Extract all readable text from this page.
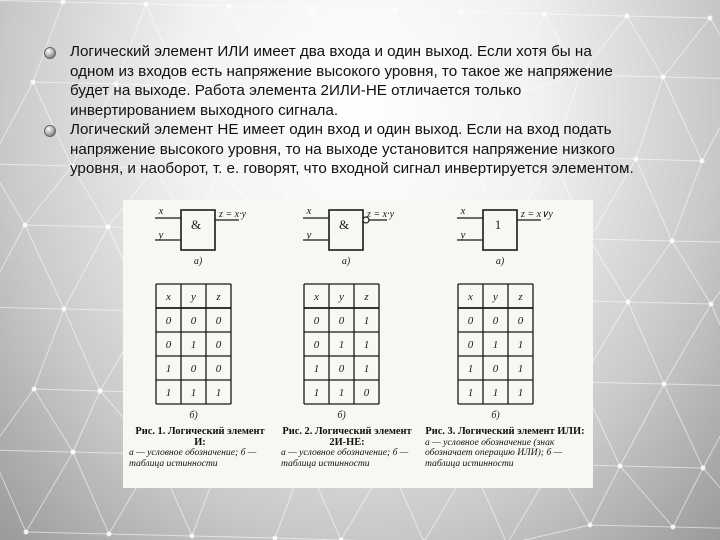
Логический элемент ИЛИ имеет два входа и один выход. Если хотя бы на
одном из входов есть напряжение высокого уровня, то такое же напряжение
будет на выходе. Работа элемента 2ИЛИ-НЕ отличается только
инвертированием выходного сигнала.
Логический элемент НЕ имеет один вход и один выход. Если на вход подать
напряжение высокого уровня, то на выходе установится напряжение низкого
уровня, и наоборот, т. е. говорят, что входной сигнал инвертируется элементом.
x
y
&
z = x·y
а)
x y z
0 0 0
0 1 0
1 0 0
1 1 1
б)
x
y
&
z = x·y
а)
x y z
0 0 1
0 1 1
1 0 1
1 1 0
б)
x
y
1
z = x∨y
а)
x y z
0 0 0
0 1 1
1 0 1
1 1 1
б)
Рис. 1. Логический элемент И:
а — условное обозначение; б — таблица истинности
Рис. 2. Логический элемент 2И-НЕ:
а — условное обозначение; б — таблица истинности
Рис. 3. Логический элемент ИЛИ:
а — условное обозначение (знак обозначает операцию ИЛИ); б — таблица истинности
